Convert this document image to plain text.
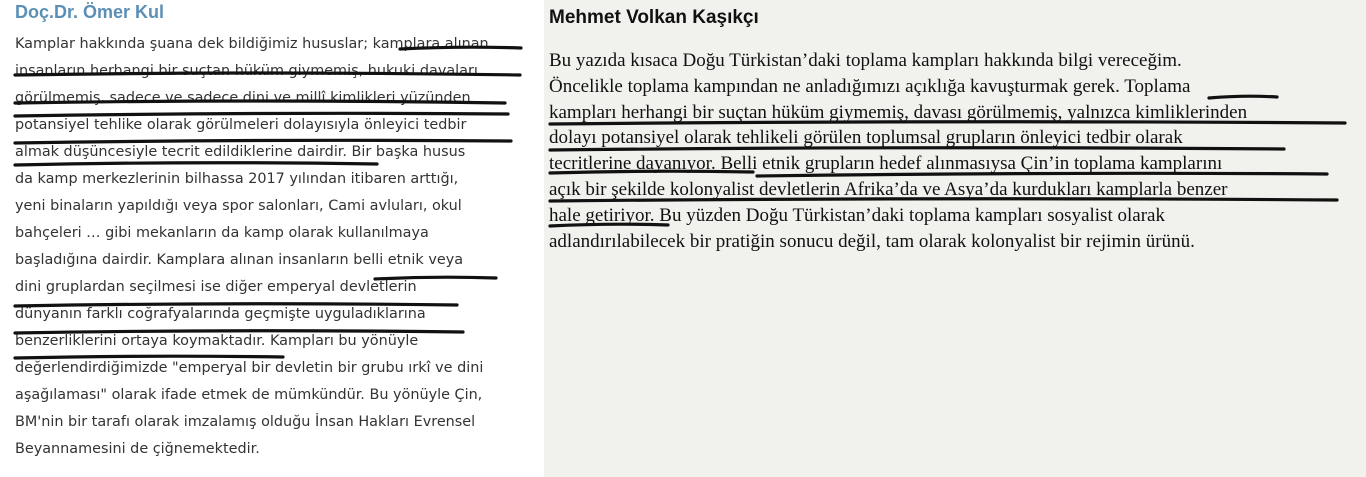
Doç.Dr. Ömer Kul
Kamplar hakkında şuana dek bildiğimiz hususlar; kamplara alınan
insanların herhangi bir suçtan hüküm giymemiş, hukuki davaları
görülmemiş, sadece ve sadece dini ve millî kimlikleri yüzünden
potansiyel tehlike olarak görülmeleri dolayısıyla önleyici tedbir
almak düşüncesiyle tecrit edildiklerine dairdir. Bir başka husus
da kamp merkezlerinin bilhassa 2017 yılından itibaren arttığı,
yeni binaların yapıldığı veya spor salonları, Cami avluları, okul
bahçeleri … gibi mekanların da kamp olarak kullanılmaya
başladığına dairdir. Kamplara alınan insanların belli etnik veya
dini gruplardan seçilmesi ise diğer emperyal devletlerin
dünyanın farklı coğrafyalarında geçmişte uyguladıklarına
benzerliklerini ortaya koymaktadır. Kampları bu yönüyle
değerlendirdiğimizde "emperyal bir devletin bir grubu ırkî ve dini
aşağılaması" olarak ifade etmek de mümkündür. Bu yönüyle Çin,
BM'nin bir tarafı olarak imzalamış olduğu İnsan Hakları Evrensel
Beyannamesini de çiğnemektedir.
Mehmet Volkan Kaşıkçı
Bu yazıda kısaca Doğu Türkistan’daki toplama kampları hakkında bilgi vereceğim.
Öncelikle toplama kampından ne anladığımızı açıklığa kavuşturmak gerek. Toplama
kampları herhangi bir suçtan hüküm giymemiş, davası görülmemiş, yalnızca kimliklerinden
dolayı potansiyel olarak tehlikeli görülen toplumsal grupların önleyici tedbir olarak
tecritlerine dayanıyor. Belli etnik grupların hedef alınmasıysa Çin’in toplama kamplarını
açık bir şekilde kolonyalist devletlerin Afrika’da ve Asya’da kurdukları kamplarla benzer
hale getiriyor. Bu yüzden Doğu Türkistan’daki toplama kampları sosyalist olarak
adlandırılabilecek bir pratiğin sonucu değil, tam olarak kolonyalist bir rejimin ürünü.
